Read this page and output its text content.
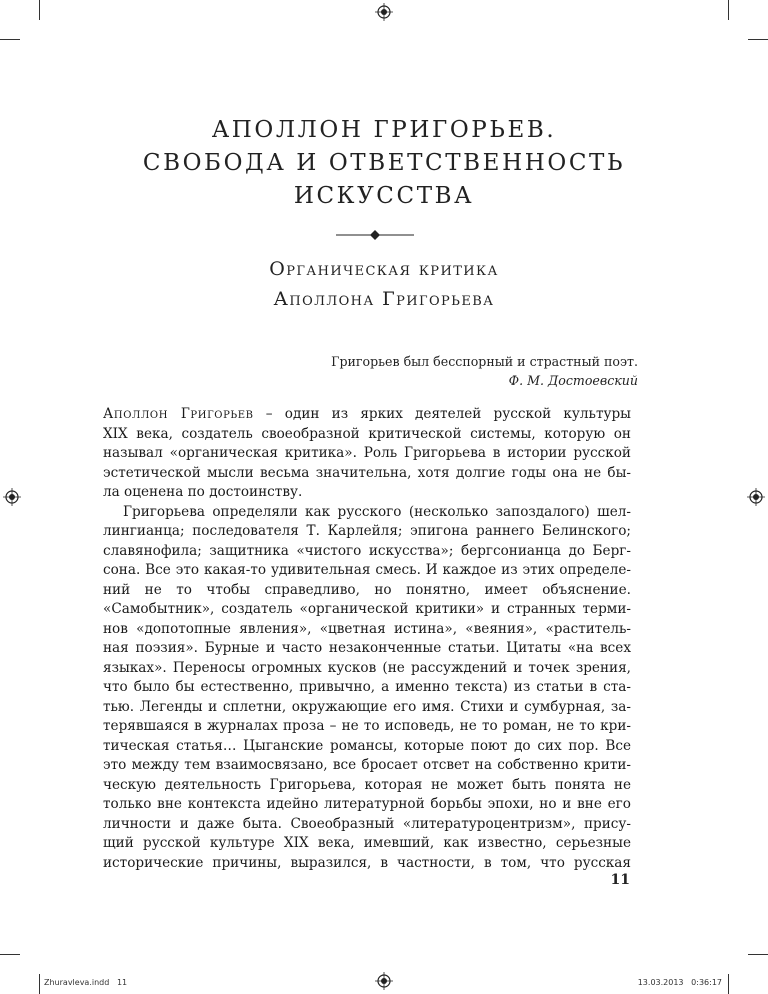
АПОЛЛОН ГРИГОРЬЕВ.
СВОБОДА И ОТВЕТСТВЕННОСТЬ
ИСКУССТВА
Органическая критика
Аполлона Григорьева
Григорьев был бесспорный и страстный поэт.
Ф. М. Достоевский
Аполлон Григорьев – один из ярких деятелей русской культуры
XIX века, создатель своеобразной критической системы, которую он
называл «органическая критика». Роль Григорьева в истории русской
эстетической мысли весьма значительна, хотя долгие годы она не бы-
ла оценена по достоинству.
Григорьева определяли как русского (несколько запоздалого) шел-
лингианца; последователя Т. Карлейля; эпигона раннего Белинского;
славянофила; защитника «чистого искусства»; бергсонианца до Берг-
сона. Все это какая-то удивительная смесь. И каждое из этих определе-
ний не то чтобы справедливо, но понятно, имеет объяснение.
«Самобытник», создатель «органической критики» и странных терми-
нов «допотопные явления», «цветная истина», «веяния», «раститель-
ная поэзия». Бурные и часто незаконченные статьи. Цитаты «на всех
языках». Переносы огромных кусков (не рассуждений и точек зрения,
что было бы естественно, привычно, а именно текста) из статьи в ста-
тью. Легенды и сплетни, окружающие его имя. Стихи и сумбурная, за-
терявшаяся в журналах проза – не то исповедь, не то роман, не то кри-
тическая статья… Цыганские романсы, которые поют до сих пор. Все
это между тем взаимосвязано, все бросает отсвет на собственно крити-
ческую деятельность Григорьева, которая не может быть понята не
только вне контекста идейно литературной борьбы эпохи, но и вне его
личности и даже быта. Своеобразный «литературоцентризм», прису-
щий русской культуре XIX века, имевший, как известно, серьезные
исторические причины, выразился, в частности, в том, что русская
11
Zhuravleva.indd   11	13.03.2013   0:36:17
